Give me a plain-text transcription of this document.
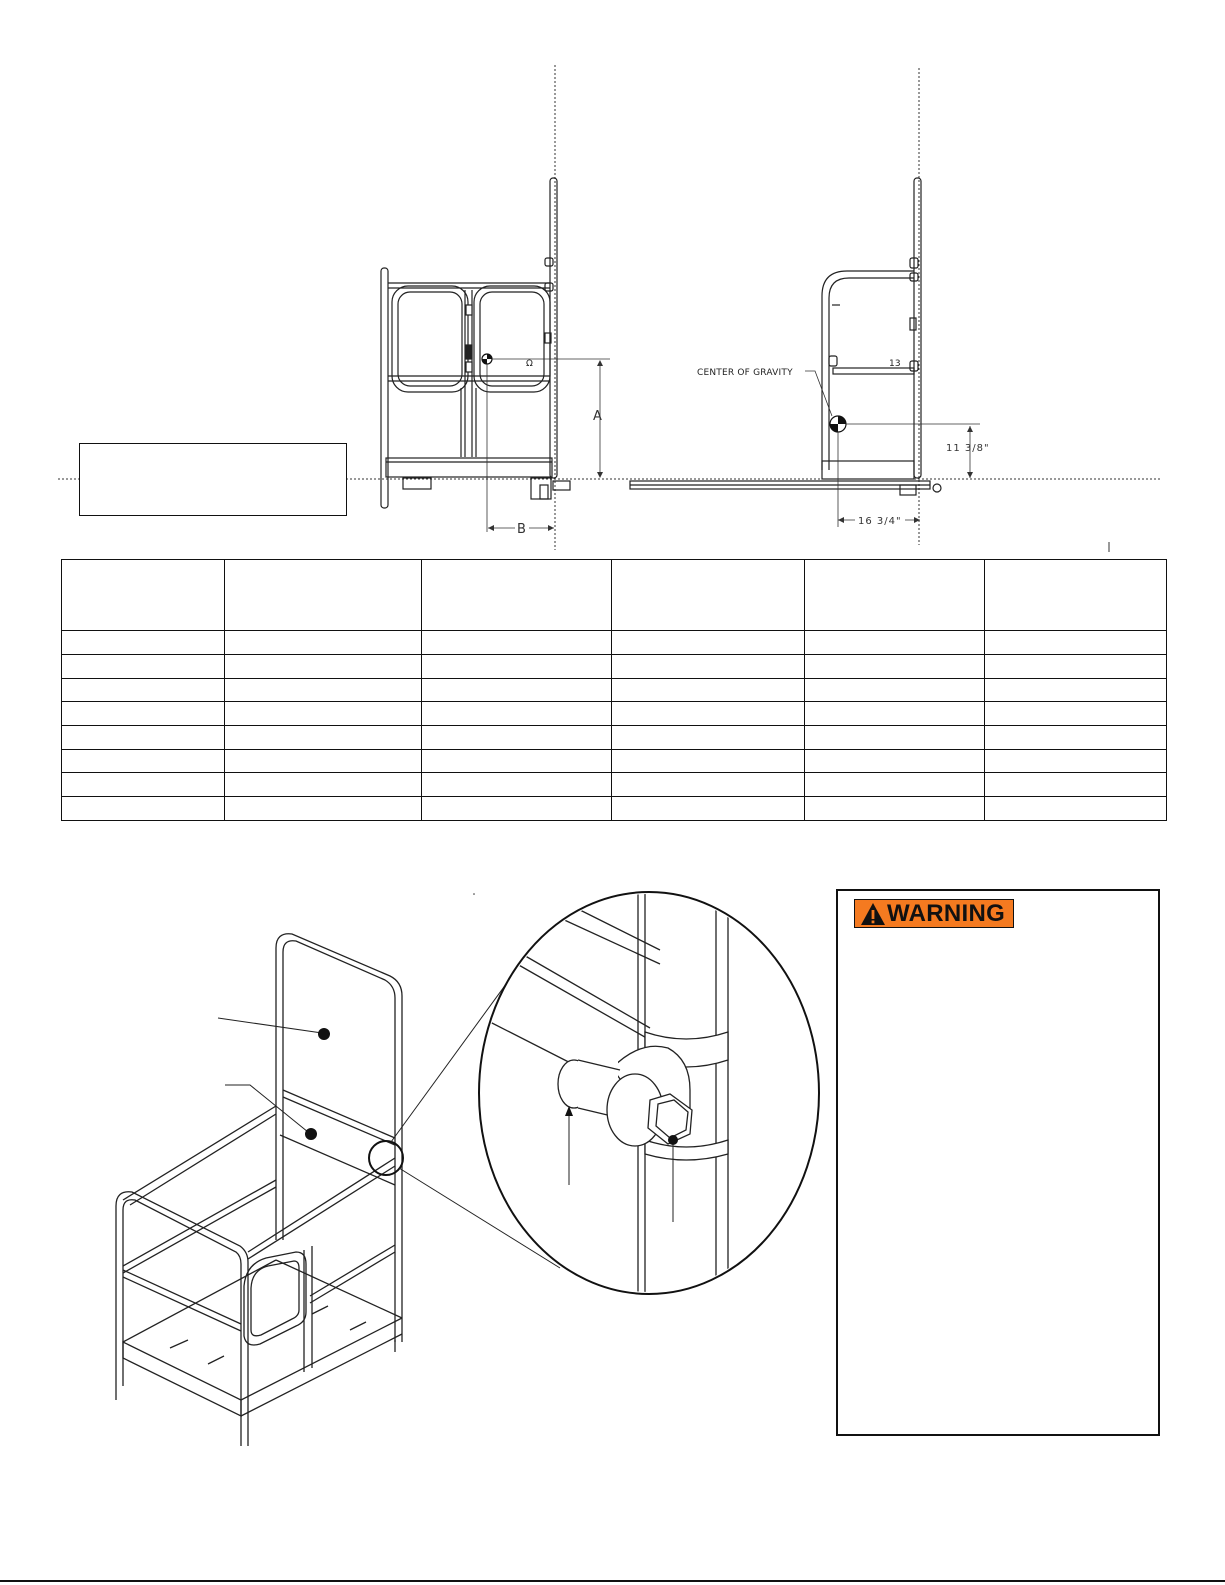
A
B
Ω	13
CENTER OF GRAVITY
11 3/8"
16 3/4"

WARNING
